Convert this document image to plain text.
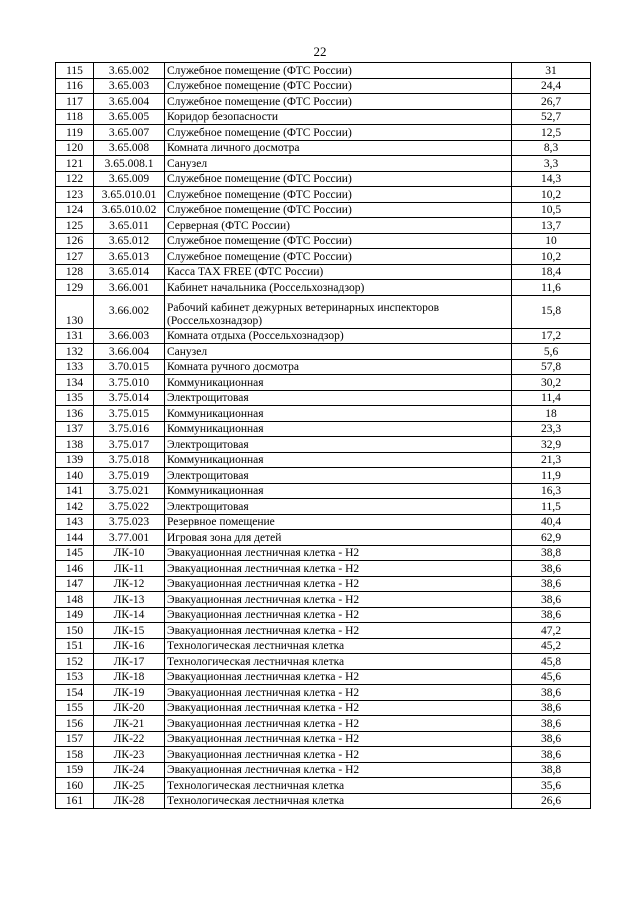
22
115	3.65.002	Служебное помещение (ФТС России)	31
116	3.65.003	Служебное помещение (ФТС России)	24,4
117	3.65.004	Служебное помещение (ФТС России)	26,7
118	3.65.005	Коридор безопасности	52,7
119	3.65.007	Служебное помещение (ФТС России)	12,5
120	3.65.008	Комната личного досмотра	8,3
121	3.65.008.1	Санузел	3,3
122	3.65.009	Служебное помещение (ФТС России)	14,3
123	3.65.010.01	Служебное помещение (ФТС России)	10,2
124	3.65.010.02	Служебное помещение (ФТС России)	10,5
125	3.65.011	Серверная (ФТС России)	13,7
126	3.65.012	Служебное помещение (ФТС России)	10
127	3.65.013	Служебное помещение (ФТС России)	10,2
128	3.65.014	Касса TAX FREE (ФТС России)	18,4
129	3.66.001	Кабинет начальника (Россельхознадзор)	11,6
130	3.66.002	Рабочий кабинет дежурных ветеринарных инспекторов (Россельхознадзор)	15,8
131	3.66.003	Комната отдыха (Россельхознадзор)	17,2
132	3.66.004	Санузел	5,6
133	3.70.015	Комната ручного досмотра	57,8
134	3.75.010	Коммуникационная	30,2
135	3.75.014	Электрощитовая	11,4
136	3.75.015	Коммуникационная	18
137	3.75.016	Коммуникационная	23,3
138	3.75.017	Электрощитовая	32,9
139	3.75.018	Коммуникационная	21,3
140	3.75.019	Электрощитовая	11,9
141	3.75.021	Коммуникационная	16,3
142	3.75.022	Электрощитовая	11,5
143	3.75.023	Резервное помещение	40,4
144	3.77.001	Игровая зона для детей	62,9
145	ЛК-10	Эвакуационная лестничная клетка - Н2	38,8
146	ЛК-11	Эвакуационная лестничная клетка - Н2	38,6
147	ЛК-12	Эвакуационная лестничная клетка - Н2	38,6
148	ЛК-13	Эвакуационная лестничная клетка - Н2	38,6
149	ЛК-14	Эвакуационная лестничная клетка - Н2	38,6
150	ЛК-15	Эвакуационная лестничная клетка - Н2	47,2
151	ЛК-16	Технологическая лестничная клетка	45,2
152	ЛК-17	Технологическая лестничная клетка	45,8
153	ЛК-18	Эвакуационная лестничная клетка - Н2	45,6
154	ЛК-19	Эвакуационная лестничная клетка - Н2	38,6
155	ЛК-20	Эвакуационная лестничная клетка - Н2	38,6
156	ЛК-21	Эвакуационная лестничная клетка - Н2	38,6
157	ЛК-22	Эвакуационная лестничная клетка - Н2	38,6
158	ЛК-23	Эвакуационная лестничная клетка - Н2	38,6
159	ЛК-24	Эвакуационная лестничная клетка - Н2	38,8
160	ЛК-25	Технологическая лестничная клетка	35,6
161	ЛК-28	Технологическая лестничная клетка	26,6
